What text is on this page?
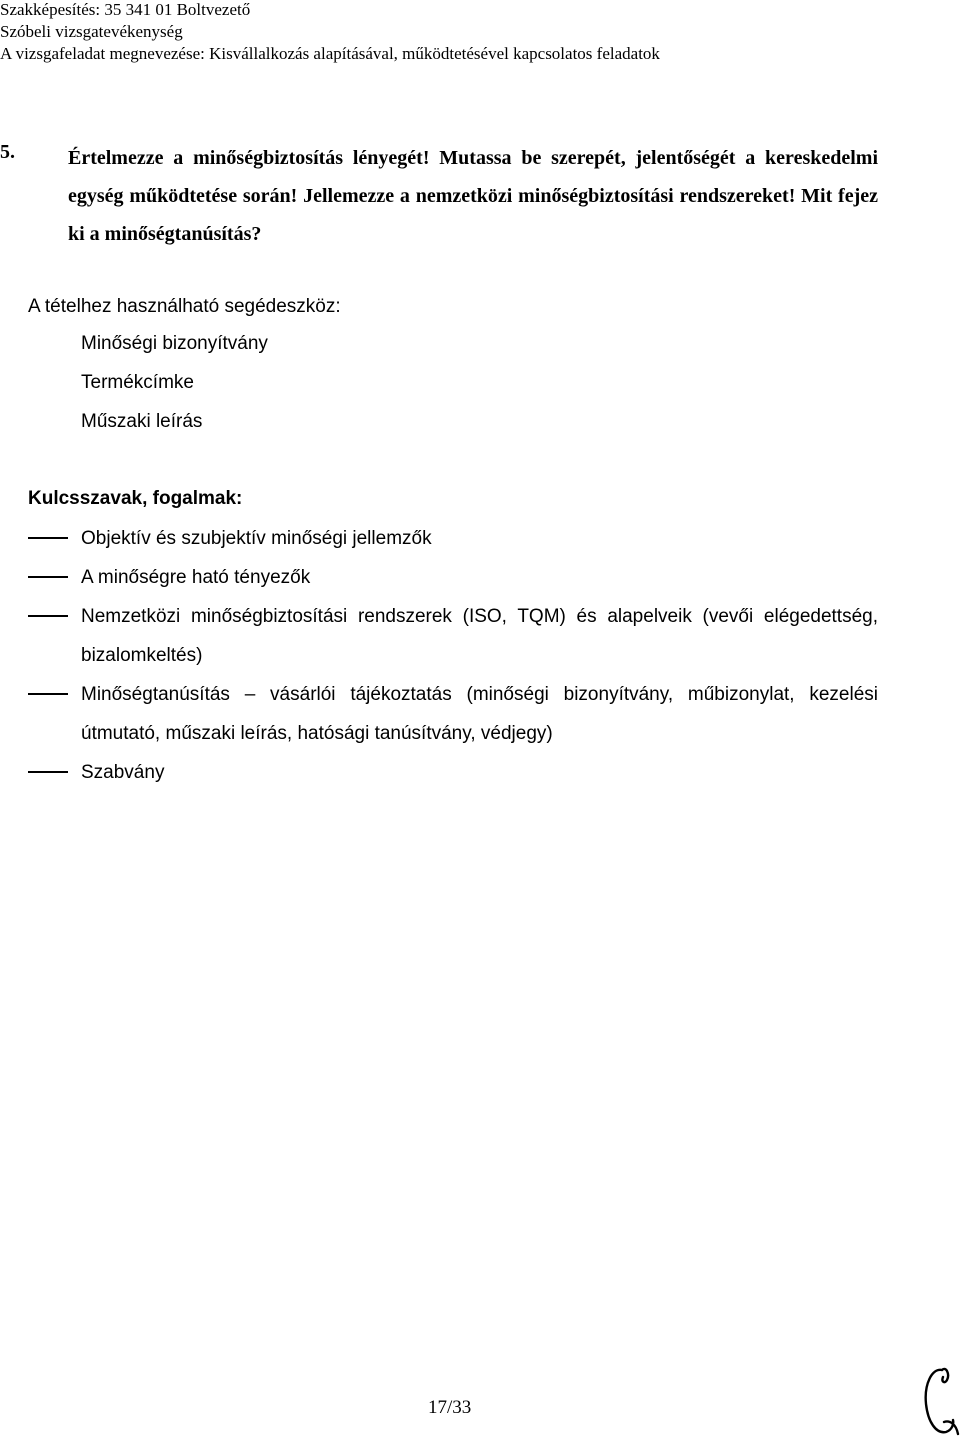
Szakképesítés: 35 341 01 Boltvezető
Szóbeli vizsgatevékenység
A vizsgafeladat megnevezése: Kisvállalkozás alapításával, működtetésével kapcsolatos feladatok
5.	Értelmezze a minőségbiztosítás lényegét! Mutassa be szerepét, jelentőségét a kereskedelmi egység működtetése során! Jellemezze a nemzetközi minőségbiztosítási rendszereket! Mit fejez ki a minőségtanúsítás?
A tételhez használható segédeszköz:
Minőségi bizonyítvány
Termékcímke
Műszaki leírás
Kulcsszavak, fogalmak:
Objektív és szubjektív minőségi jellemzők
A minőségre ható tényezők
Nemzetközi minőségbiztosítási rendszerek (ISO, TQM) és alapelveik (vevői elégedettség, bizalomkeltés)
Minőségtanúsítás – vásárlói tájékoztatás (minőségi bizonyítvány, műbizonylat, kezelési útmutató, műszaki leírás, hatósági tanúsítvány, védjegy)
Szabvány
17/33
